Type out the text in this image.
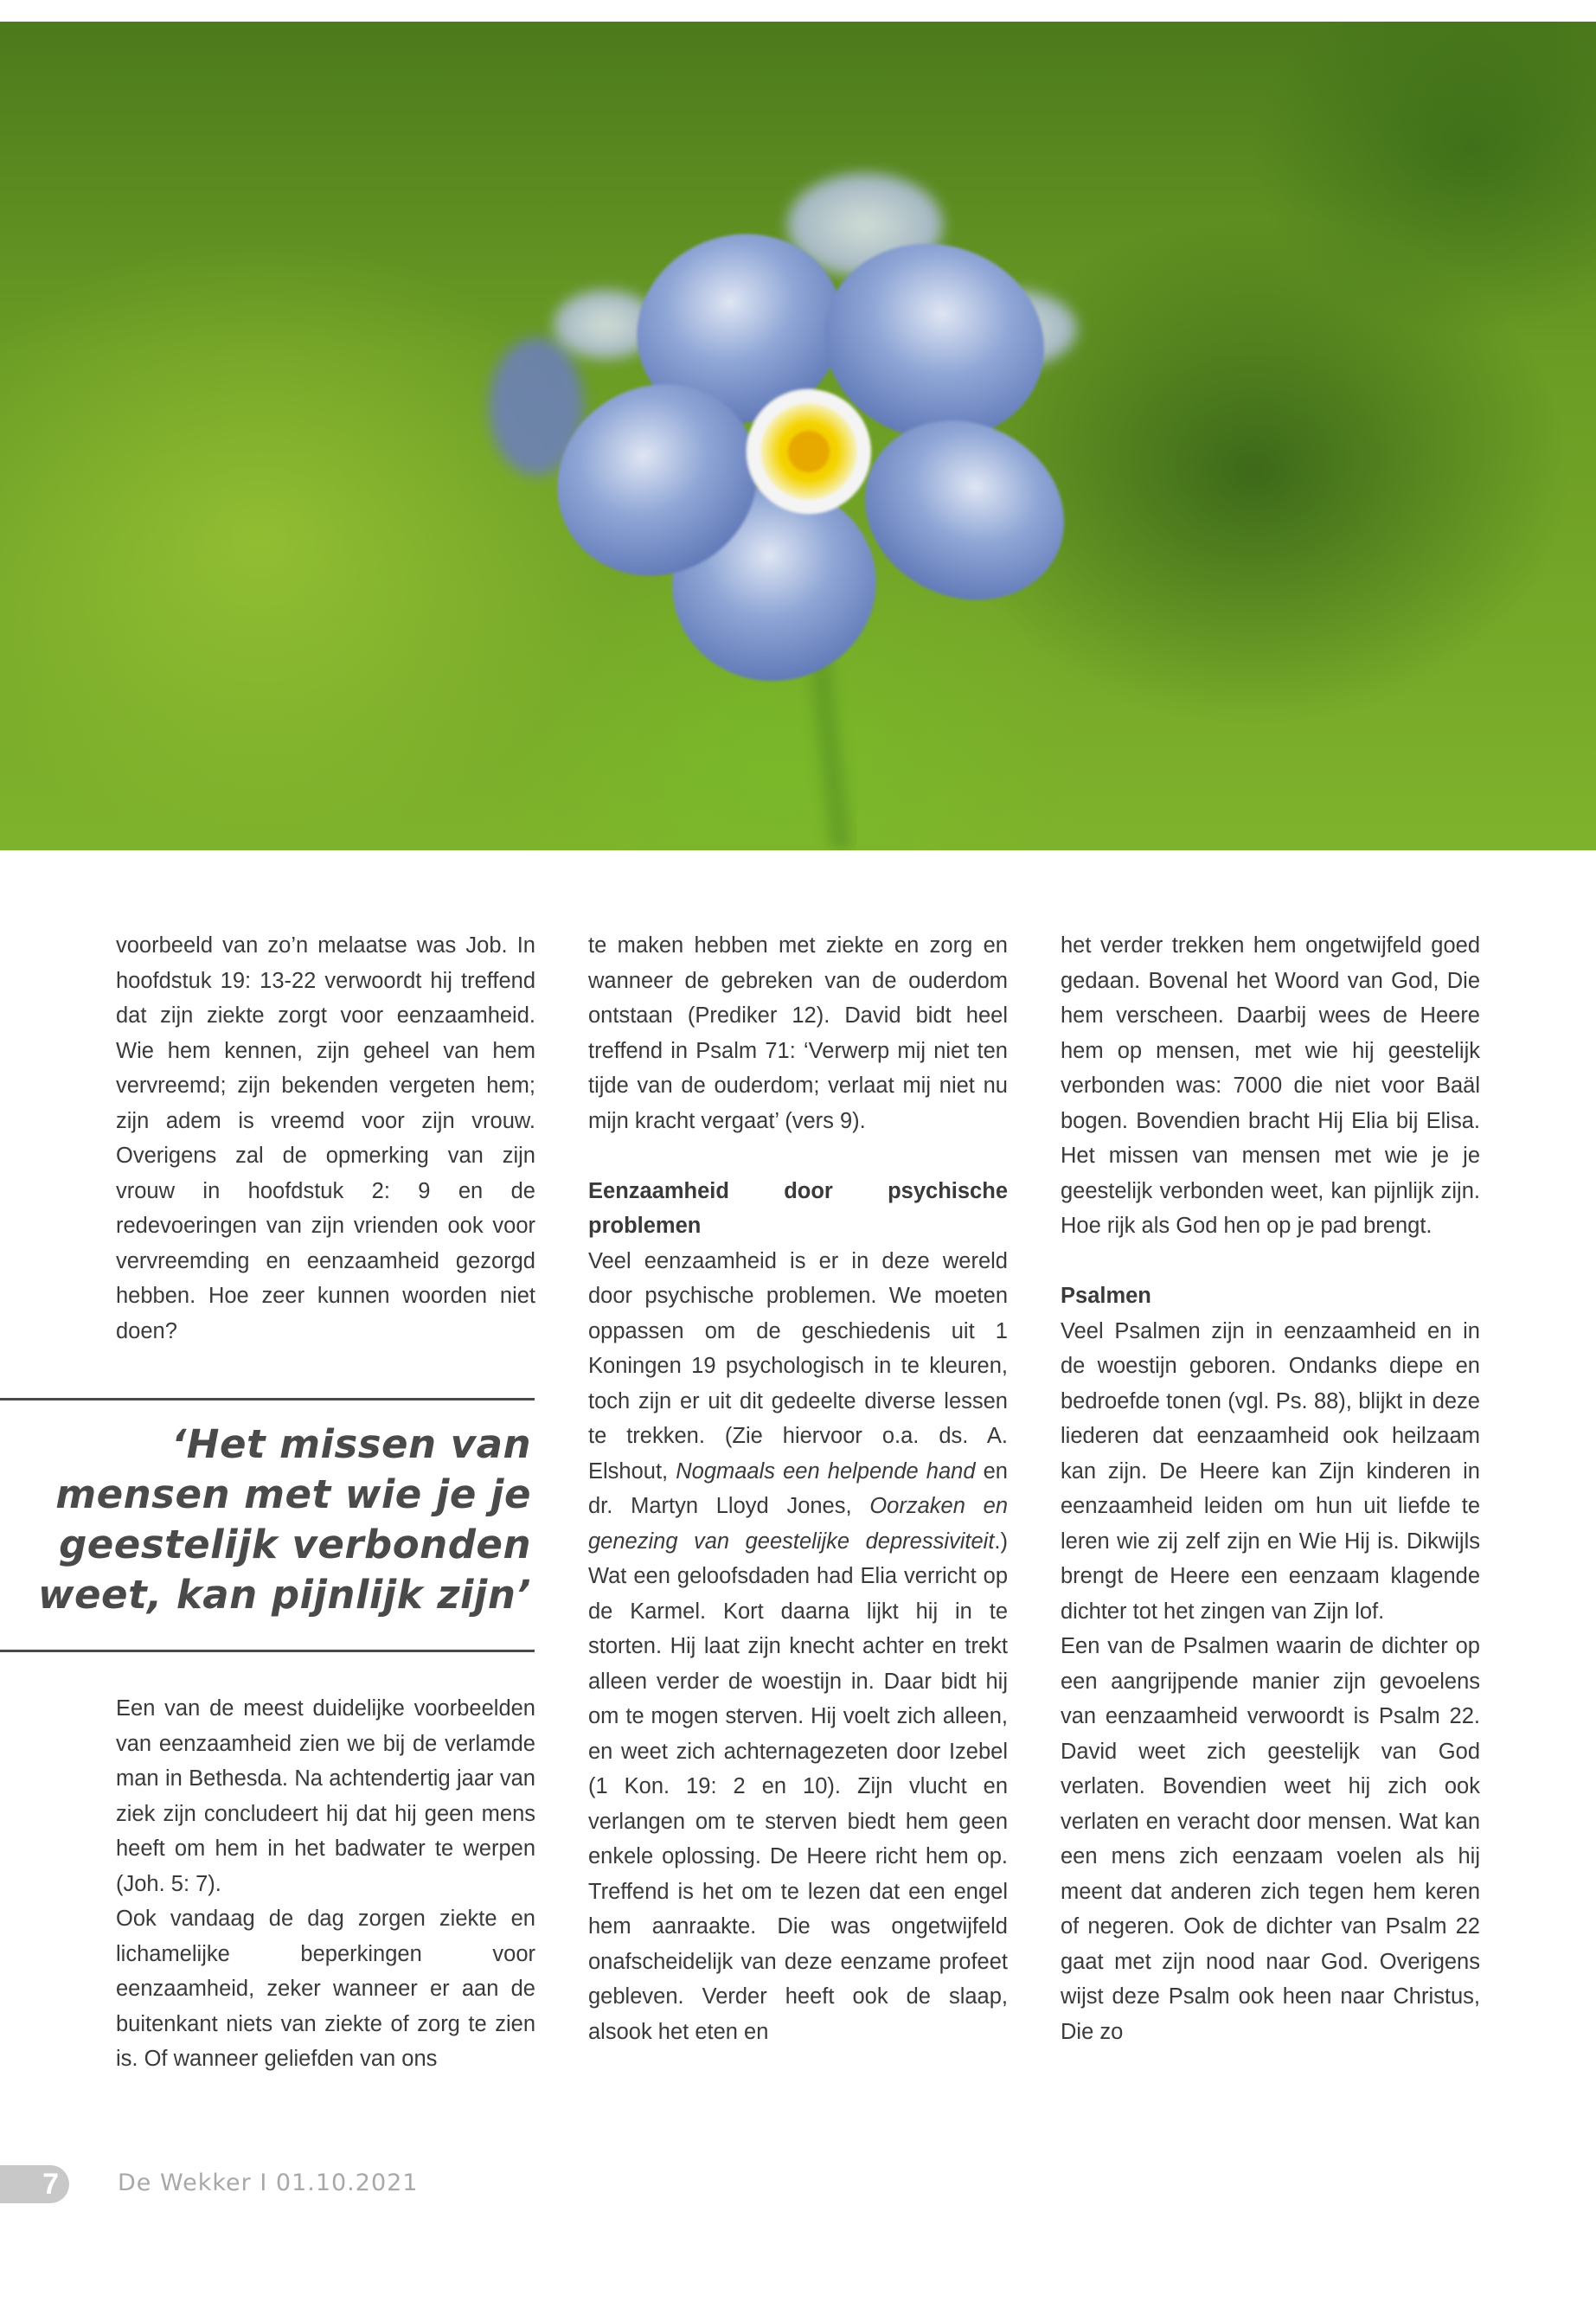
voorbeeld van zo’n melaatse was Job. In hoofdstuk 19: 13-22 verwoordt hij treffend dat zijn ziekte zorgt voor eenzaamheid. Wie hem kennen, zijn geheel van hem vervreemd; zijn bekenden vergeten hem; zijn adem is vreemd voor zijn vrouw. Overigens zal de opmerking van zijn vrouw in hoofdstuk 2: 9 en de redevoeringen van zijn vrienden ook voor vervreemding en eenzaamheid gezorgd hebben. Hoe zeer kunnen woorden niet doen?

‘Het missen van mensen met wie je je geestelijk verbonden weet, kan pijnlijk zijn’

Een van de meest duidelijke voorbeelden van eenzaamheid zien we bij de verlamde man in Bethesda. Na achtendertig jaar van ziek zijn concludeert hij dat hij geen mens heeft om hem in het badwater te werpen (Joh. 5: 7).

Ook vandaag de dag zorgen ziekte en lichamelijke beperkingen voor eenzaamheid, zeker wanneer er aan de buitenkant niets van ziekte of zorg te zien is. Of wanneer geliefden van ons

te maken hebben met ziekte en zorg en wanneer de gebreken van de ouderdom ontstaan (Prediker 12). David bidt heel treffend in Psalm 71: ‘Verwerp mij niet ten tijde van de ouderdom; verlaat mij niet nu mijn kracht vergaat’ (vers 9).

Eenzaamheid door psychische problemen

Veel eenzaamheid is er in deze wereld door psychische problemen. We moeten oppassen om de geschiedenis uit 1 Koningen 19 psychologisch in te kleuren, toch zijn er uit dit gedeelte diverse lessen te trekken. (Zie hiervoor o.a. ds. A. Elshout, Nogmaals een helpende hand en dr. Martyn Lloyd Jones, Oorzaken en genezing van geestelijke depressiviteit.) Wat een geloofsdaden had Elia verricht op de Karmel. Kort daarna lijkt hij in te storten. Hij laat zijn knecht achter en trekt alleen verder de woestijn in. Daar bidt hij om te mogen sterven. Hij voelt zich alleen, en weet zich achternagezeten door Izebel (1 Kon. 19: 2 en 10). Zijn vlucht en verlangen om te sterven biedt hem geen enkele oplossing. De Heere richt hem op. Treffend is het om te lezen dat een engel hem aanraakte. Die was ongetwijfeld onafscheidelijk van deze eenzame profeet gebleven. Verder heeft ook de slaap, alsook het eten en

het verder trekken hem ongetwijfeld goed gedaan. Bovenal het Woord van God, Die hem verscheen. Daarbij wees de Heere hem op mensen, met wie hij geestelijk verbonden was: 7000 die niet voor Baäl bogen. Bovendien bracht Hij Elia bij Elisa. Het missen van mensen met wie je je geestelijk verbonden weet, kan pijnlijk zijn. Hoe rijk als God hen op je pad brengt.

Psalmen

Veel Psalmen zijn in eenzaamheid en in de woestijn geboren. Ondanks diepe en bedroefde tonen (vgl. Ps. 88), blijkt in deze liederen dat eenzaamheid ook heilzaam kan zijn. De Heere kan Zijn kinderen in eenzaamheid leiden om hun uit liefde te leren wie zij zelf zijn en Wie Hij is. Dikwijls brengt de Heere een eenzaam klagende dichter tot het zingen van Zijn lof.

Een van de Psalmen waarin de dichter op een aangrijpende manier zijn gevoelens van eenzaamheid verwoordt is Psalm 22. David weet zich geestelijk van God verlaten. Bovendien weet hij zich ook verlaten en veracht door mensen. Wat kan een mens zich eenzaam voelen als hij meent dat anderen zich tegen hem keren of negeren. Ook de dichter van Psalm 22 gaat met zijn nood naar God. Overigens wijst deze Psalm ook heen naar Christus, Die zo

7	De Wekker I 01.10.2021
